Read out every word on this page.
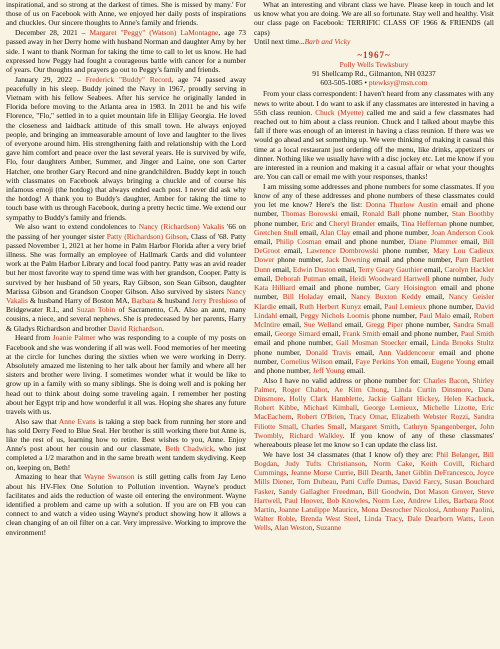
inspirational, and so strong at the darkest of times. She is missed by many.' For those of us on Facebook with Anne, we enjoyed her daily posts of inspirations and chuckles. Our sincere thoughts to Anne's family and friends.

December 28, 2021 – Margaret "Peggy" (Watson) LaMontagne, age 73 passed away in her Derry home with husband Norman and daughter Amy by her side. I want to thank Norman for taking the time to call to let us know. He had expressed how Peggy had fought a courageous battle with cancer for a number of years. Our thoughts and prayers go out to Peggy's family and friends.

January 29, 2022 – Frederick "Buddy" Record, age 74 passed away peacefully in his sleep. Buddy joined the Navy in 1967, proudly serving in Vietnam with his fellow Seabees. After his service he originally landed in Florida before moving to the Atlanta area in 1983. In 2011 he and his wife Florence, "Flo," settled in to a quiet mountain life in Ellijay Georgia. He loved the closeness and laidback attitude of this small town. He always enjoyed people, and bringing an immeasurable amount of love and laughter to the lives of everyone around him. His strengthening faith and relationship with the Lord gave him comfort and peace over the last several years. He is survived by wife, Flo, four daughters Amber, Summer, and Jinger and Laine, one son Carter Hatcher, one brother Gary Record and nine grandchildren. Buddy kept in touch with classmates on Facebook always bringing a chuckle and of course his infamous emoji (the hotdog) that always ended each post. I never did ask why the hotdog! A thank you to Buddy's daughter, Amber for taking the time to touch base with us through Facebook, during a pretty hectic time. We extend our sympathy to Buddy's family and friends.

We also want to extend condolences to Nancy (Richardson) Vakalis '66 on the passing of her younger sister Patty (Richardson) Gibson, Class of '68. Patty passed November 1, 2021 at her home in Palm Harbor Florida after a very brief illness. She was formally an employee of Hallmark Cards and did volunteer work at the Palm Harbor Library and local food pantry. Patty was an avid reader but her most favorite way to spend time was with her grandson, Cooper. Patty is survived by her husband of 50 years, Ray Gibson, son Sean Gibson, daughter Marissa Gibson and Grandson Cooper Gibson. Also survived by sisters Nancy Vakalis & husband Harry of Boston MA, Barbara & husband Jerry Preshioso of Bridgewater R.I., and Suzan Tobin of Sacramento, CA. Also an aunt, many cousins, a niece, and several nephews. She is predeceased by her parents, Harry & Gladys Richardson and brother David Richardson.

Heard from Joanie Palmer who was responding to a couple of my posts on Facebook and she was wondering if all was well. Food memories of her meeting at the circle for lunches during the sixties when we were working in Derry. Absolutely amazed me listening to her talk about her family and where all her sisters and brother were living. I sometimes wonder what it would be like to grow up in a family with so many siblings. She is doing well and is poking her head out to think about doing some traveling again. I remember her posting about her Egypt trip and how wonderful it all was. Hoping she shares any future travels with us.

Also saw that Anne Evans is taking a step back from running her store and has sold Derry Feed to Blue Seal. Her brother is still working there but Anne is, like the rest of us, learning how to retire. Best wishes to you, Anne. Enjoy Anne's post about her cousin and our classmate, Beth Chadwick, who just completed a 1/2 marathon and in the same breath went tandem skydiving. Keep on, keeping on, Beth!

Amazing to hear that Wayne Swanson is still getting calls from Jay Leno about his HV-Flex One Solution to Pollution invention. Wayne's product facilitates and aids the reduction of waste oil entering the environment. Wayne identified a problem and came up with a solution. If you are on FB you can connect to and watch a video using Wayne's product showing how it allows a clean changing of an oil filter on a car. Very impressive. Working to improve the environment!

What an interesting and vibrant class we have. Please keep in touch and let us know what you are doing. We are all so fortunate. Stay well and healthy. Visit our class page on Facebook: TERRIFIC CLASS OF 1966 & FRIENDS (all caps)

Until next time...Barb and Vicky

~1967~
Polly Wells Tewksbury
91 Shellcamp Rd., Gilmanton, NH 03237
603-505-1085 • ptewksy@msn.com

From your class correspondent: I haven't heard from any classmates with any news to write about. I do want to ask if any classmates are interested in having a 55th class reunion. Chuck (Myette) called me and said a few classmates had reached out to him about a class reunion. Chuck and I talked about maybe this fall if there was enough of an interest in having a class reunion. If there was we would go ahead and set something up. We were thinking of making it casual this time at a local restaurant just ordering off the menu, like drinks, appetizers or dinner. Nothing like we usually have with a disc jockey etc. Let me know if you are interested in a reunion and making it a casual affair or what your thoughts are. You can call or email me with your responses, thanks!

I am missing some addresses and phone numbers for some classmates. If you know of any of these addresses and phone numbers of these classmates could you let me know? Here's the list: Donna Thurlow Austin email and phone number, Thomas Borowski email, Ronald Ball phone number, Stan Boothby phone number, Eric and Cheryl Brander emails, Tina Heffernan phone number, Gretchen Stull email, Alan Clay email and phone number, Joan Anderson Cook email, Philip Cosman email and phone number, Diane Plummer email, Bill DeGroot email, Lawrence Dombrowski phone number, Mary Lou Cadieux Dower phone number, Jack Downing email and phone number, Pam Bartlett Dunn email, Edwin Duston email, Terry Geary Gauthier email, Carolyn Hackler email, Deborah Putman email, Heidi Woodward Hartwell phone number, Judy Kata Hilliard email and phone number, Gary Hoisington email and phone number, Bill Holaday email, Nancy Buxton Keddy email, Nancy Geisler Klardie email, Ruth Herbert Kunyz email, Paul Lemieux phone number, David Lindahl email, Peggy Nichols Loomis phone number, Paul Malo email, Robert McIntire email, Sue Welland email, Gregg Piper phone number, Sandra Small email, George Simard email, Frank Smith email and phone number, Paul Smith email and phone number, Gail Mosman Stoecker email, Linda Brooks Stultz phone number, Donald Travis email, Ann Vaddencoeur email and phone number, Cornelius Wilson email, Faye Perkins Yon email, Eugene Young email and phone number, Jeff Young email.

Also I have no valid address or phone number for: Charles Bacon, Shirley Palmer, Roger Chabot, Ae Kim Chong, Linda Curtin Dinsmore, Dana Dinsmore, Holly Clark Hamblette, Jackie Gallant Hickey, Helen Kachuck, Robert Kibbe, Michael Kimball, George Lemieux, Michelle Lizotte, Eric MacEachern, Robert O'Brien, Tracy Omar, Elizabeth Webster Rozzi, Sandra Filiotte Small, Charles Small, Margaret Smith, Cathryn Spangenberger, John Twombly, Richard Walkley. If you know of any of these classmates' whereabouts please let me know so I can update the class list.

We have lost 34 classmates (that I know of) they are: Phil Belanger, Bill Bogdan, Judy Tufts Christianson, Norm Cake, Keith Covill, Richard Cummings, Jeanne Morse Currie, Bill Dearth, Janet Giblin DeFrancesco, Joyce Mills Diener, Tom Dubeau, Patti Cuffe Dumas, David Farcy, Susan Bouchard Fasker, Sandy Gallagher Freedman, Bill Goodwin, Dot Mason Grover, Steve Hartwell, Paul Hoover, Bob Knowles, Norm Lee, Andrew Liles, Barbara Root Martin, Joanne Latulippe Maurice, Mona Desrocher Nicolosi, Anthony Paolini, Walter Roble, Brenda West Steel, Linda Tracy, Dale Dearborn Watts, Leon Wells, Alan Weston, Suzanne
